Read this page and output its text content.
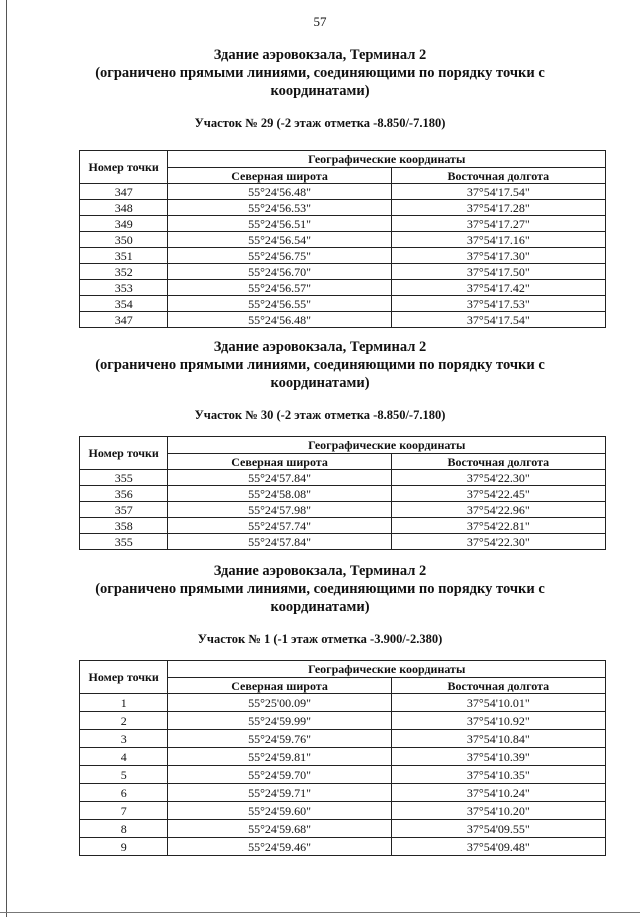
57
Здание аэровокзала, Терминал 2
(ограничено прямыми линиями, соединяющими по порядку точки с
координатами)
Участок № 29 (-2 этаж отметка -8.850/-7.180)
Номер точки	Географические координаты	
	Северная широта	Восточная долгота
347	55°24'56.48"	37°54'17.54"
348	55°24'56.53"	37°54'17.28"
349	55°24'56.51"	37°54'17.27"
350	55°24'56.54"	37°54'17.16"
351	55°24'56.75"	37°54'17.30"
352	55°24'56.70"	37°54'17.50"
353	55°24'56.57"	37°54'17.42"
354	55°24'56.55"	37°54'17.53"
347	55°24'56.48"	37°54'17.54"
Здание аэровокзала, Терминал 2
(ограничено прямыми линиями, соединяющими по порядку точки с
координатами)
Участок № 30 (-2 этаж отметка -8.850/-7.180)
Номер точки	Географические координаты	
	Северная широта	Восточная долгота
355	55°24'57.84"	37°54'22.30"
356	55°24'58.08"	37°54'22.45"
357	55°24'57.98"	37°54'22.96"
358	55°24'57.74"	37°54'22.81"
355	55°24'57.84"	37°54'22.30"
Здание аэровокзала, Терминал 2
(ограничено прямыми линиями, соединяющими по порядку точки с
координатами)
Участок № 1 (-1 этаж отметка -3.900/-2.380)
Номер точки	Географические координаты	
	Северная широта	Восточная долгота
1	55°25'00.09"	37°54'10.01"
2	55°24'59.99"	37°54'10.92"
3	55°24'59.76"	37°54'10.84"
4	55°24'59.81"	37°54'10.39"
5	55°24'59.70"	37°54'10.35"
6	55°24'59.71"	37°54'10.24"
7	55°24'59.60"	37°54'10.20"
8	55°24'59.68"	37°54'09.55"
9	55°24'59.46"	37°54'09.48"
